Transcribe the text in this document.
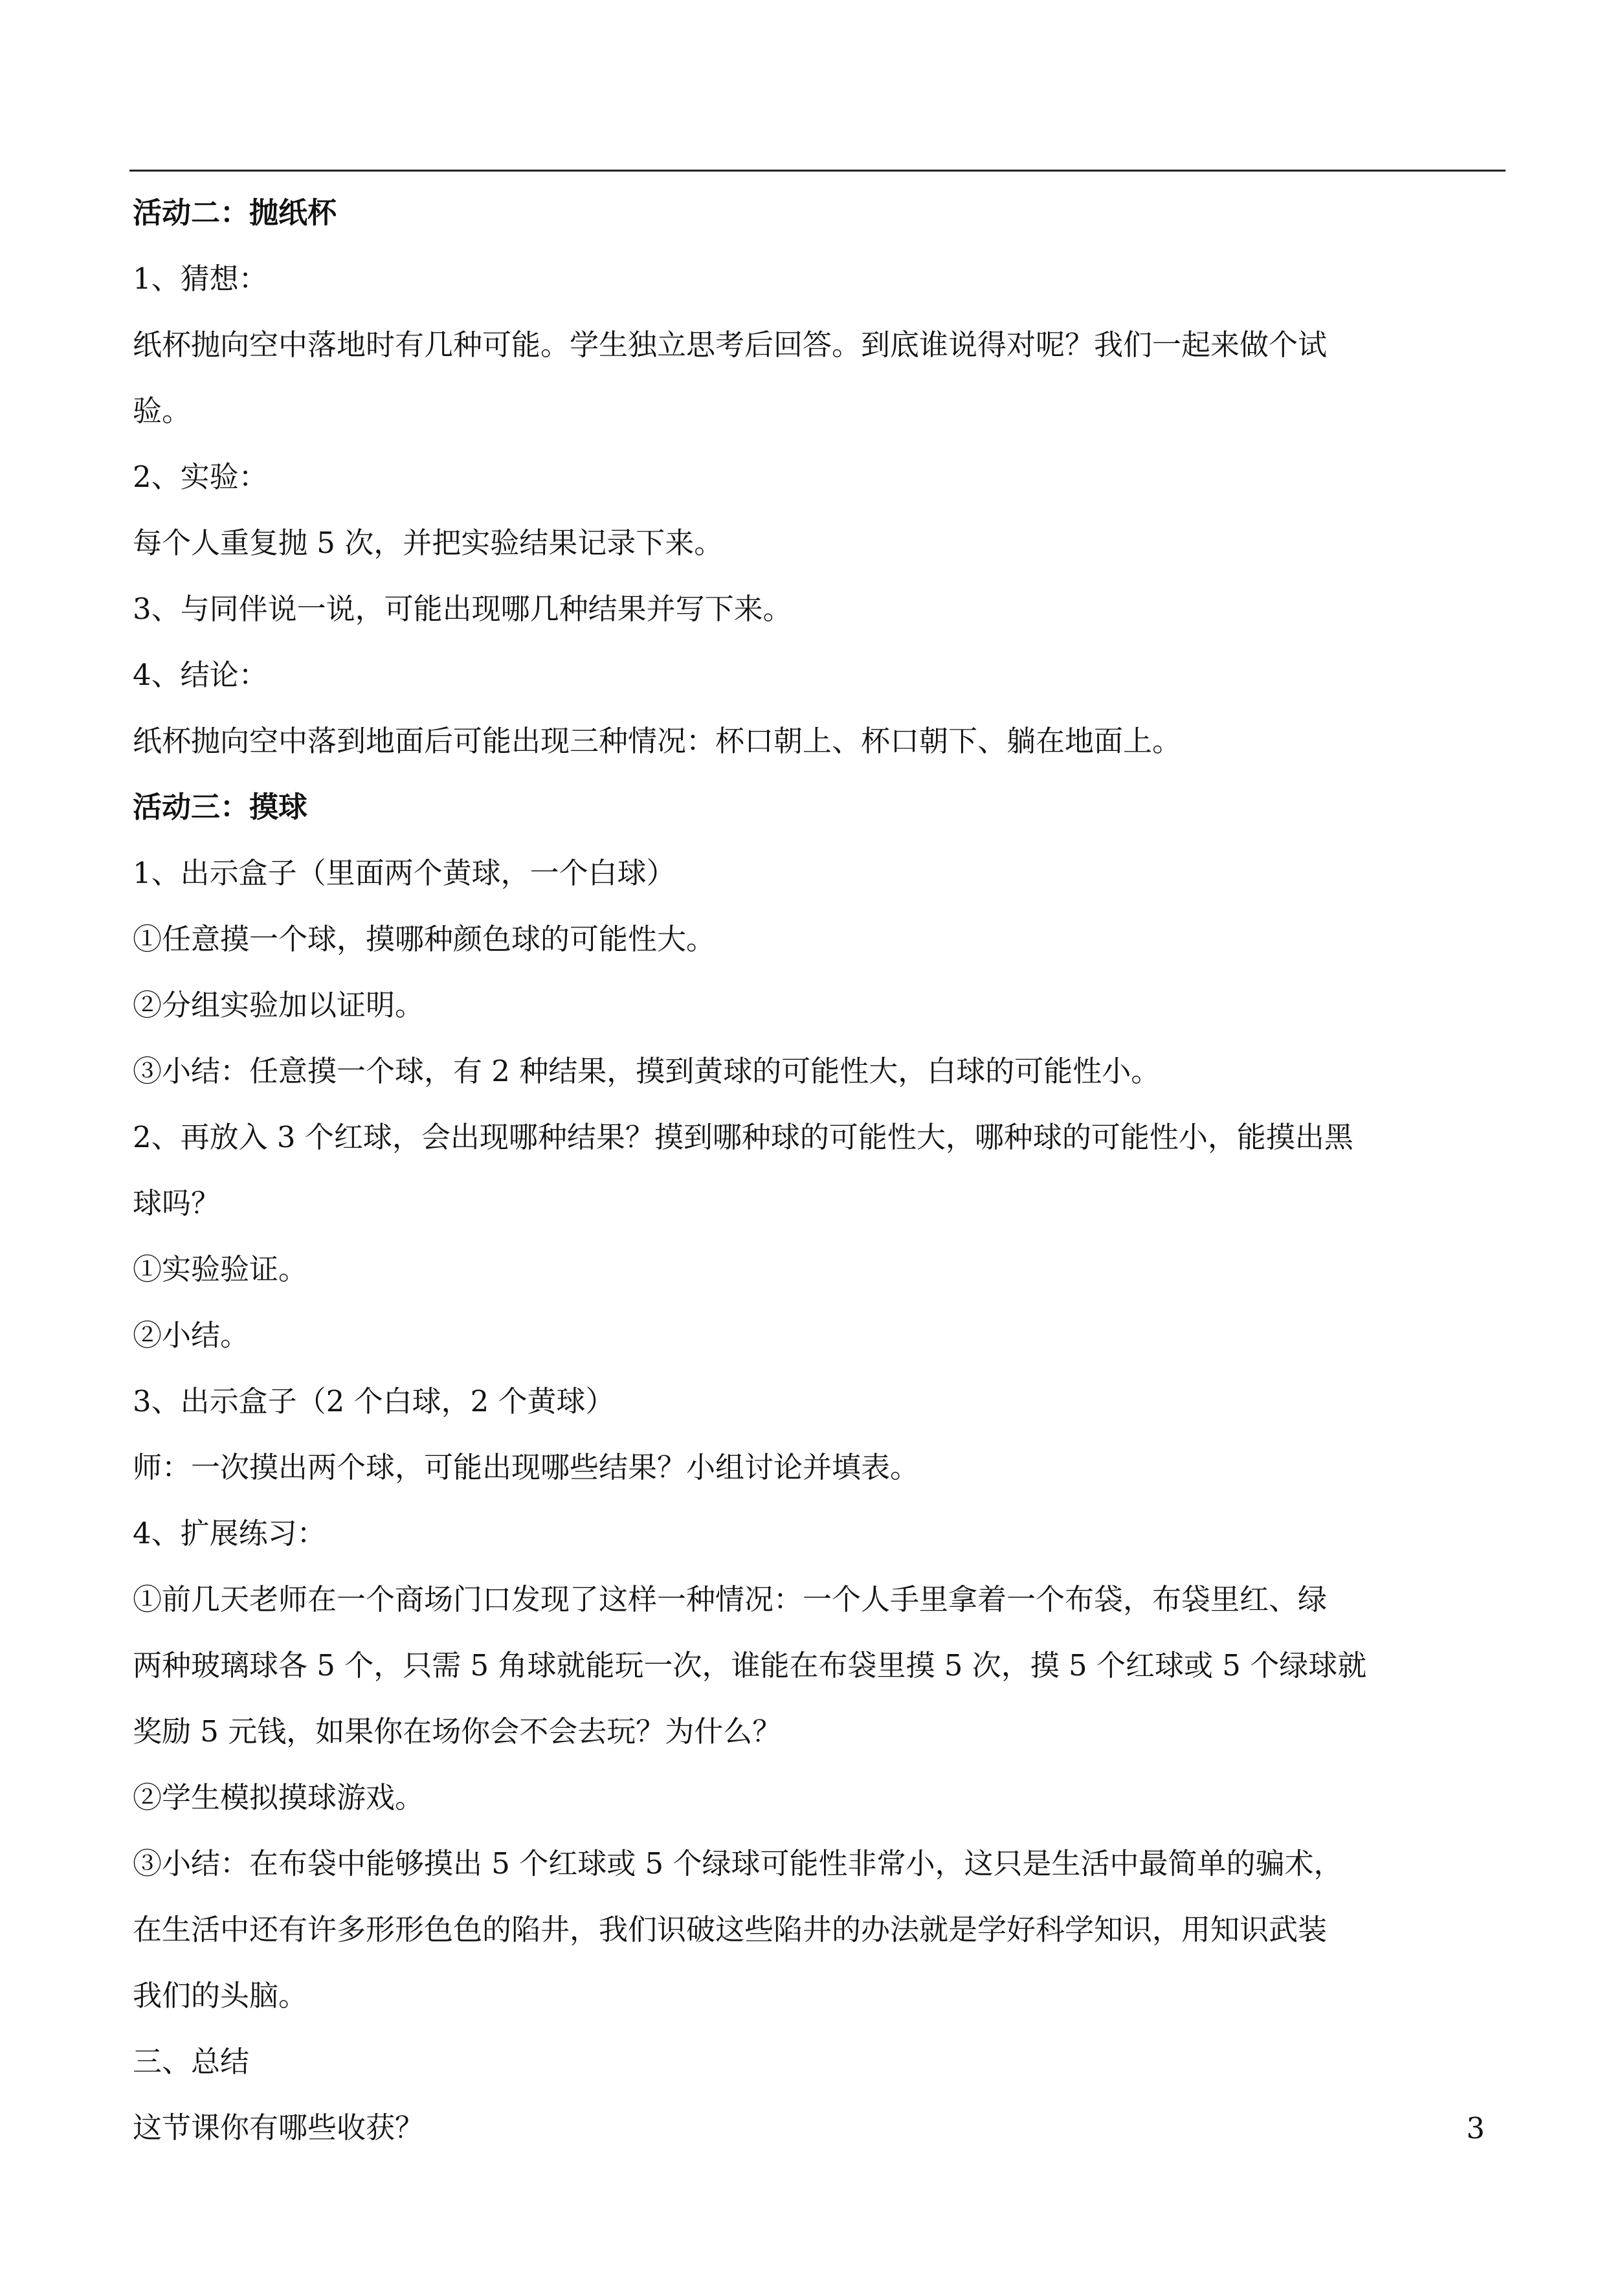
活动二：抛纸杯
1、猜想：
纸杯抛向空中落地时有几种可能。学生独立思考后回答。到底谁说得对呢？我们一起来做个试
验。
2、实验：
每个人重复抛 5 次，并把实验结果记录下来。
3、与同伴说一说，可能出现哪几种结果并写下来。
4、结论：
纸杯抛向空中落到地面后可能出现三种情况：杯口朝上、杯口朝下、躺在地面上。
活动三：摸球
1、出示盒子（里面两个黄球，一个白球）
①任意摸一个球，摸哪种颜色球的可能性大。
②分组实验加以证明。
③小结：任意摸一个球，有 2 种结果，摸到黄球的可能性大，白球的可能性小。
2、再放入 3 个红球，会出现哪种结果？摸到哪种球的可能性大，哪种球的可能性小，能摸出黑
球吗？
①实验验证。
②小结。
3、出示盒子（2 个白球，2 个黄球）
师：一次摸出两个球，可能出现哪些结果？小组讨论并填表。
4、扩展练习：
①前几天老师在一个商场门口发现了这样一种情况：一个人手里拿着一个布袋，布袋里红、绿
两种玻璃球各 5 个，只需 5 角球就能玩一次，谁能在布袋里摸 5 次，摸 5 个红球或 5 个绿球就
奖励 5 元钱，如果你在场你会不会去玩？为什么？
②学生模拟摸球游戏。
③小结：在布袋中能够摸出 5 个红球或 5 个绿球可能性非常小，这只是生活中最简单的骗术，
在生活中还有许多形形色色的陷井，我们识破这些陷井的办法就是学好科学知识，用知识武装
我们的头脑。
三、总结
这节课你有哪些收获？	3
